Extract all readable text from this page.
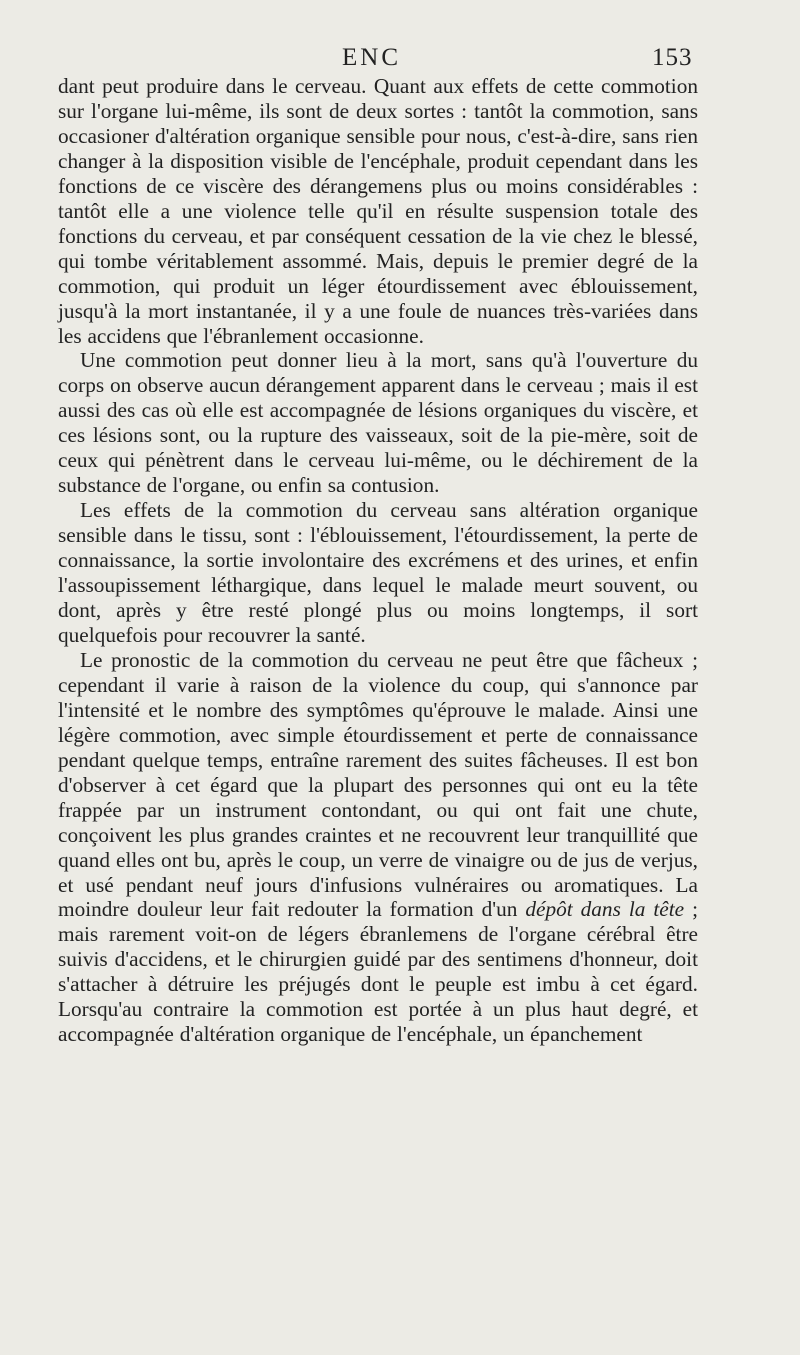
ENC	153

dant peut produire dans le cerveau. Quant aux effets de cette commotion sur l'organe lui-même, ils sont de deux sortes : tantôt la commotion, sans occasioner d'altération organique sensible pour nous, c'est-à-dire, sans rien changer à la disposition visible de l'encéphale, produit cependant dans les fonctions de ce viscère des dérangemens plus ou moins considérables : tantôt elle a une violence telle qu'il en résulte suspension totale des fonctions du cerveau, et par conséquent cessation de la vie chez le blessé, qui tombe véritablement assommé. Mais, depuis le premier degré de la commotion, qui produit un léger étourdissement avec éblouissement, jusqu'à la mort instantanée, il y a une foule de nuances très-variées dans les accidens que l'ébranlement occasionne.

Une commotion peut donner lieu à la mort, sans qu'à l'ouverture du corps on observe aucun dérangement apparent dans le cerveau ; mais il est aussi des cas où elle est accompagnée de lésions organiques du viscère, et ces lésions sont, ou la rupture des vaisseaux, soit de la pie-mère, soit de ceux qui pénètrent dans le cerveau lui-même, ou le déchirement de la substance de l'organe, ou enfin sa contusion.

Les effets de la commotion du cerveau sans altération organique sensible dans le tissu, sont : l'éblouissement, l'étourdissement, la perte de connaissance, la sortie involontaire des excrémens et des urines, et enfin l'assoupissement léthargique, dans lequel le malade meurt souvent, ou dont, après y être resté plongé plus ou moins longtemps, il sort quelquefois pour recouvrer la santé.

Le pronostic de la commotion du cerveau ne peut être que fâcheux ; cependant il varie à raison de la violence du coup, qui s'annonce par l'intensité et le nombre des symptômes qu'éprouve le malade. Ainsi une légère commotion, avec simple étourdissement et perte de connaissance pendant quelque temps, entraîne rarement des suites fâcheuses. Il est bon d'observer à cet égard que la plupart des personnes qui ont eu la tête frappée par un instrument contondant, ou qui ont fait une chute, conçoivent les plus grandes craintes et ne recouvrent leur tranquillité que quand elles ont bu, après le coup, un verre de vinaigre ou de jus de verjus, et usé pendant neuf jours d'infusions vulnéraires ou aromatiques. La moindre douleur leur fait redouter la formation d'un dépôt dans la tête ; mais rarement voit-on de légers ébranlemens de l'organe cérébral être suivis d'accidens, et le chirurgien guidé par des sentimens d'honneur, doit s'attacher à détruire les préjugés dont le peuple est imbu à cet égard. Lorsqu'au contraire la commotion est portée à un plus haut degré, et accompagnée d'altération organique de l'encéphale, un épanchement
